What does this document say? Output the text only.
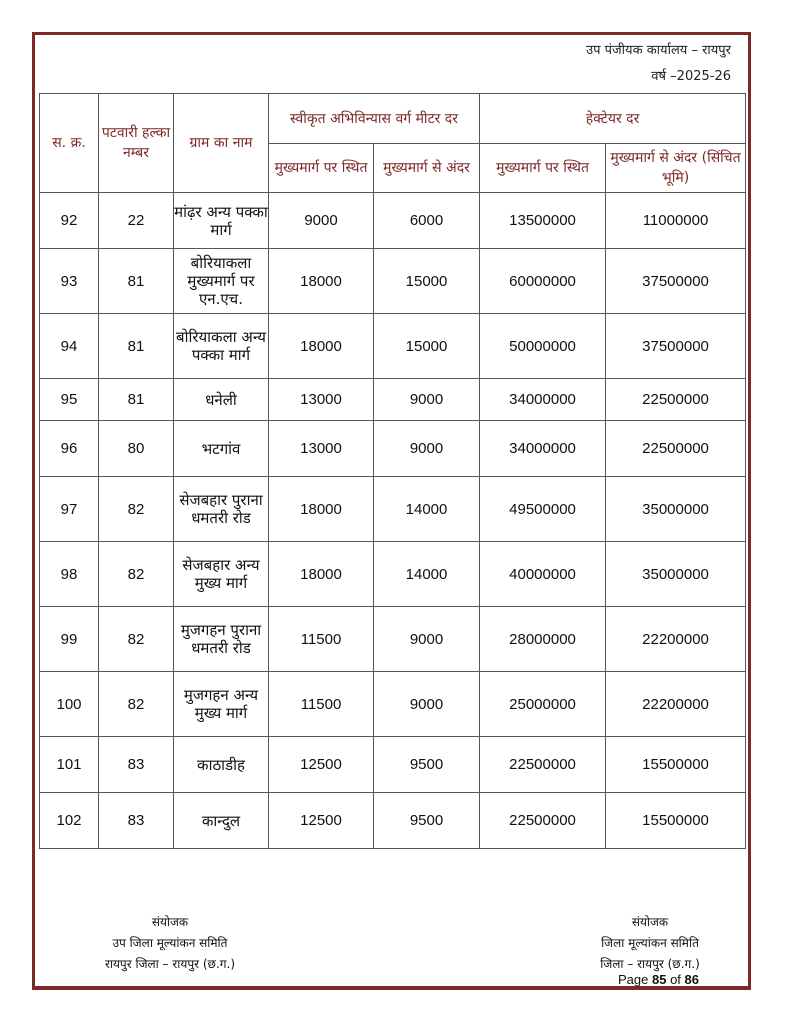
उप पंजीयक कार्यालय – रायपुर
वर्ष –2025-26
स. क्र.	पटवारी हल्का नम्बर	ग्राम का नाम	स्वीकृत अभिविन्यास वर्ग मीटर दर		हेक्टेयर दर	
			मुख्यमार्ग पर स्थित	मुख्यमार्ग से अंदर	मुख्यमार्ग पर स्थित	मुख्यमार्ग से अंदर (सिंचित भूमि)
92	22	मांढ़र अन्य पक्का मार्ग	9000	6000	13500000	11000000
93	81	बोरियाकला मुख्यमार्ग पर एन.एच.	18000	15000	60000000	37500000
94	81	बोरियाकला अन्य पक्का मार्ग	18000	15000	50000000	37500000
95	81	धनेली	13000	9000	34000000	22500000
96	80	भटगांव	13000	9000	34000000	22500000
97	82	सेजबहार पुराना धमतरी रोड	18000	14000	49500000	35000000
98	82	सेजबहार अन्य मुख्य मार्ग	18000	14000	40000000	35000000
99	82	मुजगहन पुराना धमतरी रोड	11500	9000	28000000	22200000
100	82	मुजगहन अन्य मुख्य मार्ग	11500	9000	25000000	22200000
101	83	काठाडीह	12500	9500	22500000	15500000
102	83	कान्दुल	12500	9500	22500000	15500000
संयोजक
उप जिला मूल्यांकन समिति
रायपुर जिला – रायपुर (छ.ग.)
संयोजक
जिला मूल्यांकन समिति
जिला – रायपुर (छ.ग.)
Page 85 of 86
